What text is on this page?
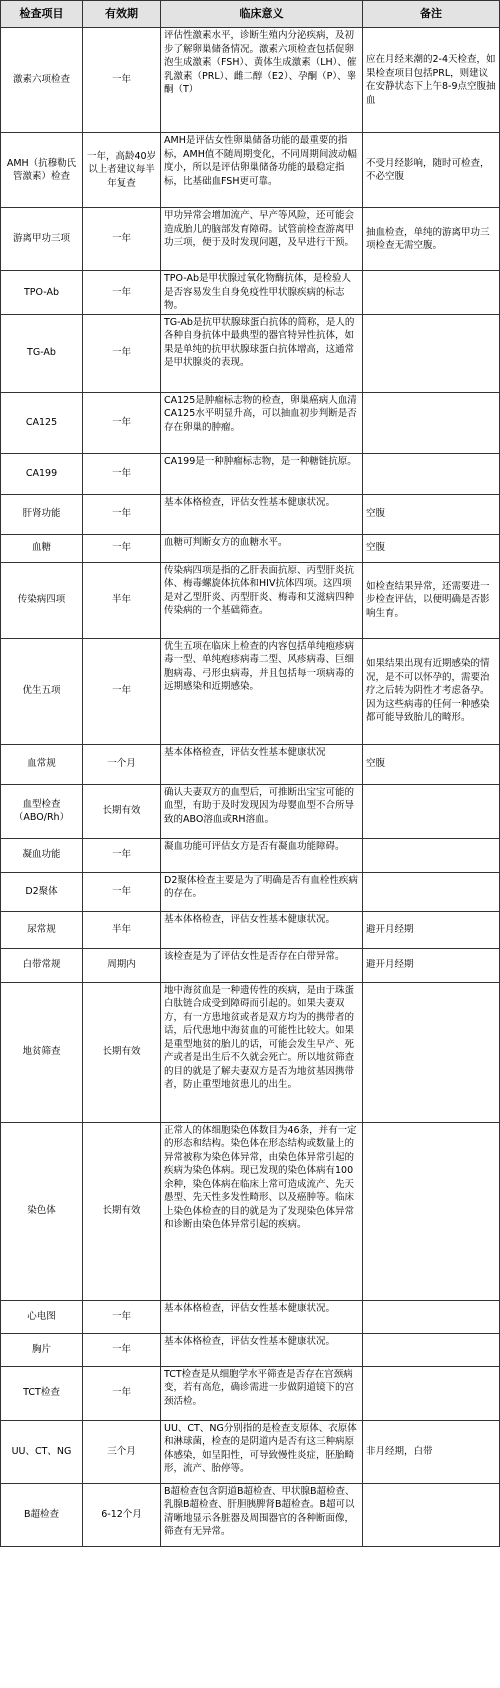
检查项目	有效期	临床意义	备注
激素六项检查	一年	评估性激素水平，诊断生殖内分泌疾病，及初步了解卵巢储备情况。激素六项检查包括促卵泡生成激素（FSH）、黄体生成激素（LH）、催乳激素（PRL）、雌二醇（E2）、孕酮（P）、睾酮（T）	应在月经来潮的2-4天检查，如果检查项目包括PRL，则建议在安静状态下上午8-9点空腹抽血
AMH（抗穆勒氏管激素）检查	一年，高龄40岁以上者建议每半年复查	AMH是评估女性卵巢储备功能的最重要的指标，AMH值不随周期变化，不同周期间波动幅度小，所以是评估卵巢储备功能的最稳定指标，比基础血FSH更可靠。	不受月经影响，随时可检查，不必空腹
游离甲功三项	一年	甲功异常会增加流产、早产等风险，还可能会造成胎儿的脑部发育障碍。试管前检查游离甲功三项，便于及时发现问题，及早进行干预。	抽血检查，单纯的游离甲功三项检查无需空腹。
TPO-Ab	一年	TPO-Ab是甲状腺过氧化物酶抗体，是检验人是否容易发生自身免疫性甲状腺疾病的标志物。	
TG-Ab	一年	TG-Ab是抗甲状腺球蛋白抗体的简称，是人的各种自身抗体中最典型的器官特异性抗体，如果是单纯的抗甲状腺球蛋白抗体增高，这通常是甲状腺炎的表现。	
CA125	一年	CA125是肿瘤标志物的检查，卵巢癌病人血清CA125水平明显升高，可以抽血初步判断是否存在卵巢的肿瘤。	
CA199	一年	CA199是一种肿瘤标志物，是一种糖链抗原。	
肝肾功能	一年	基本体格检查，评估女性基本健康状况。	空腹
血糖	一年	血糖可判断女方的血糖水平。	空腹
传染病四项	半年	传染病四项是指的乙肝表面抗原、丙型肝炎抗体、梅毒螺旋体抗体和HIV抗体四项。这四项是对乙型肝炎、丙型肝炎、梅毒和艾滋病四种传染病的一个基础筛查。	如检查结果异常，还需要进一步检查评估，以便明确是否影响生育。
优生五项	一年	优生五项在临床上检查的内容包括单纯疱疹病毒一型、单纯疱疹病毒二型、风疹病毒、巨细胞病毒、弓形虫病毒，并且包括每一项病毒的远期感染和近期感染。	如果结果出现有近期感染的情况，是不可以怀孕的，需要治疗之后转为阴性才考虑备孕。因为这些病毒的任何一种感染都可能导致胎儿的畸形。
血常规	一个月	基本体格检查，评估女性基本健康状况	空腹
血型检查（ABO/Rh）	长期有效	确认夫妻双方的血型后，可推断出宝宝可能的血型，有助于及时发现因为母婴血型不合所导致的ABO溶血或RH溶血。	
凝血功能	一年	凝血功能可评估女方是否有凝血功能障碍。	
D2聚体	一年	D2聚体检查主要是为了明确是否有血栓性疾病的存在。	
尿常规	半年	基本体格检查，评估女性基本健康状况。	避开月经期
白带常规	周期内	该检查是为了评估女性是否存在白带异常。	避开月经期
地贫筛查	长期有效	地中海贫血是一种遗传性的疾病，是由于珠蛋白肽链合成受到障碍而引起的。如果夫妻双方，有一方患地贫或者是双方均为的携带者的话，后代患地中海贫血的可能性比较大。如果是重型地贫的胎儿的话，可能会发生早产、死产或者是出生后不久就会死亡。所以地贫筛查的目的就是了解夫妻双方是否为地贫基因携带者，防止重型地贫患儿的出生。	
染色体	长期有效	正常人的体细胞染色体数目为46条，并有一定的形态和结构。染色体在形态结构或数量上的异常被称为染色体异常，由染色体异常引起的疾病为染色体病。现已发现的染色体病有100余种，染色体病在临床上常可造成流产、先天愚型、先天性多发性畸形、以及癌肿等。临床上染色体检查的目的就是为了发现染色体异常和诊断由染色体异常引起的疾病。	
心电图	一年	基本体格检查，评估女性基本健康状况。	
胸片	一年	基本体格检查，评估女性基本健康状况。	
TCT检查	一年	TCT检查是从细胞学水平筛查是否存在宫颈病变，若有高危，确诊需进一步做阴道镜下的宫颈活检。	
UU、CT、NG	三个月	UU、CT、NG分别指的是检查支原体、衣原体和淋球菌，检查的是阴道内是否有这三种病原体感染，如呈阳性，可导致慢性炎症，胚胎畸形，流产、胎停等。	非月经期，白带
B超检查	6-12个月	B超检查包含阴道B超检查、甲状腺B超检查、乳腺B超检查、肝胆胰脾肾B超检查。B超可以清晰地显示各脏器及周围器官的各种断面像，筛查有无异常。	
